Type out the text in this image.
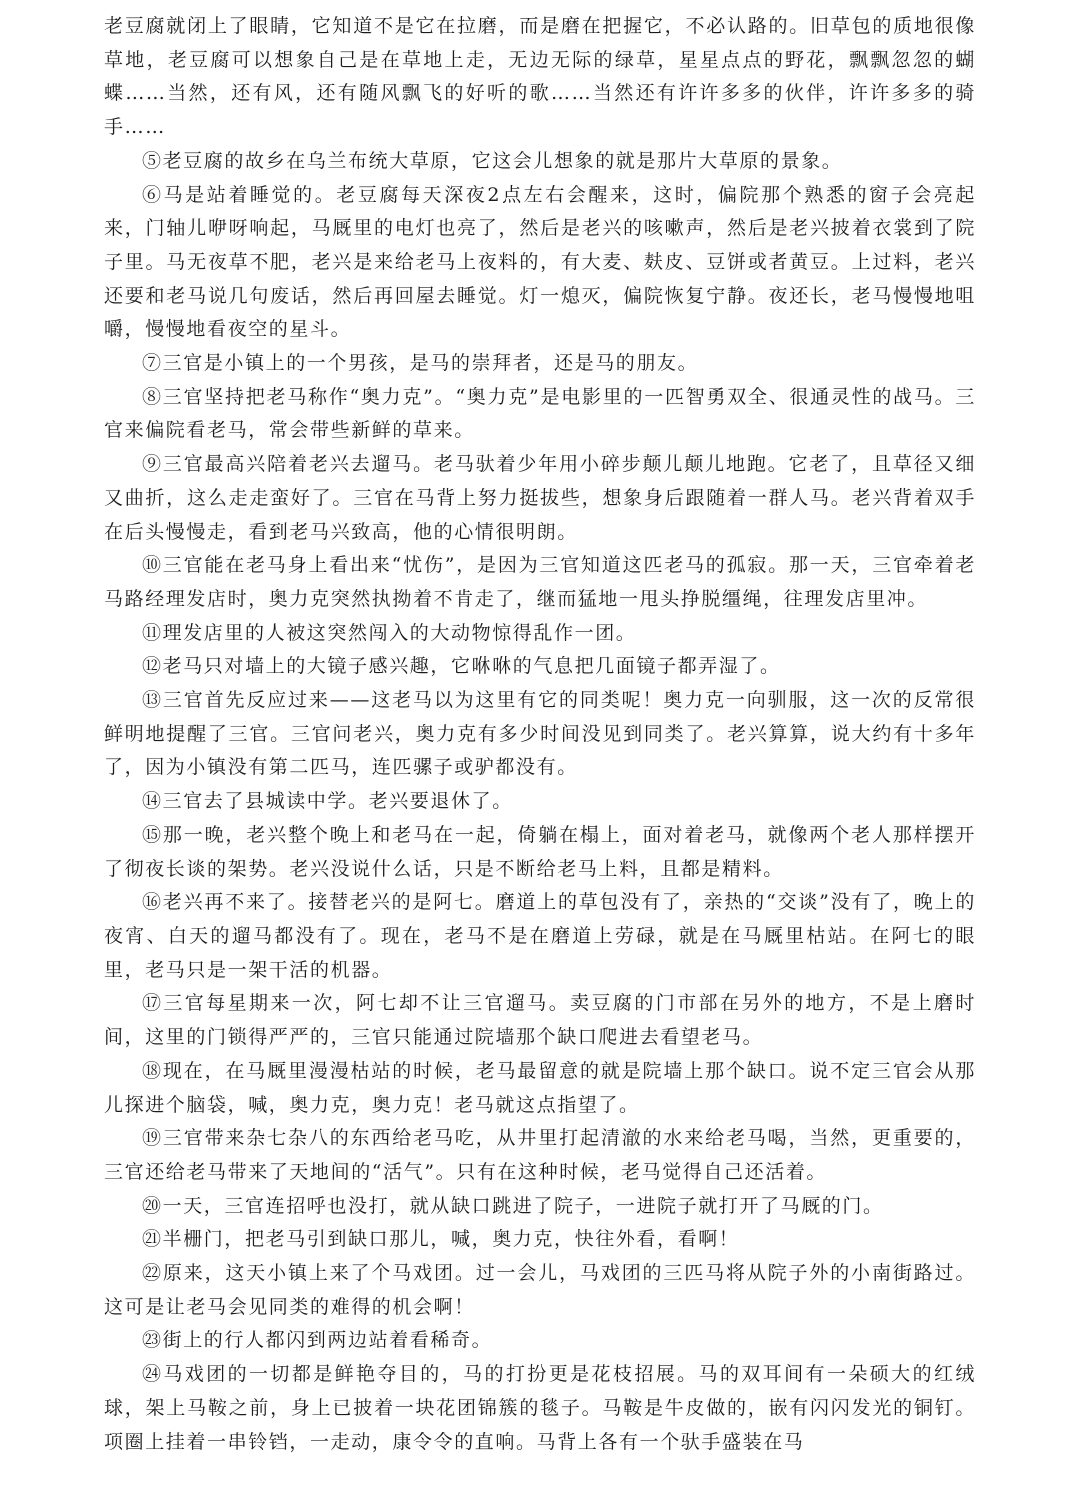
老豆腐就闭上了眼睛，它知道不是它在拉磨，而是磨在把握它，不必认路的。旧草包的质地很像草地，老豆腐可以想象自己是在草地上走，无边无际的绿草，星星点点的野花，飘飘忽忽的蝴蝶……当然，还有风，还有随风飘飞的好听的歌……当然还有许许多多的伙伴，许许多多的骑手……

⑤老豆腐的故乡在乌兰布统大草原，它这会儿想象的就是那片大草原的景象。

⑥马是站着睡觉的。老豆腐每天深夜2点左右会醒来，这时，偏院那个熟悉的窗子会亮起来，门轴儿咿呀响起，马厩里的电灯也亮了，然后是老兴的咳嗽声，然后是老兴披着衣裳到了院子里。马无夜草不肥，老兴是来给老马上夜料的，有大麦、麸皮、豆饼或者黄豆。上过料，老兴还要和老马说几句废话，然后再回屋去睡觉。灯一熄灭，偏院恢复宁静。夜还长，老马慢慢地咀嚼，慢慢地看夜空的星斗。

⑦三官是小镇上的一个男孩，是马的崇拜者，还是马的朋友。

⑧三官坚持把老马称作“奥力克”。“奥力克”是电影里的一匹智勇双全、很通灵性的战马。三官来偏院看老马，常会带些新鲜的草来。

⑨三官最高兴陪着老兴去遛马。老马驮着少年用小碎步颠儿颠儿地跑。它老了，且草径又细又曲折，这么走走蛮好了。三官在马背上努力挺拔些，想象身后跟随着一群人马。老兴背着双手在后头慢慢走，看到老马兴致高，他的心情很明朗。

⑩三官能在老马身上看出来“忧伤”，是因为三官知道这匹老马的孤寂。那一天，三官牵着老马路经理发店时，奥力克突然执拗着不肯走了，继而猛地一甩头挣脱缰绳，往理发店里冲。

⑪理发店里的人被这突然闯入的大动物惊得乱作一团。

⑫老马只对墙上的大镜子感兴趣，它咻咻的气息把几面镜子都弄湿了。

⑬三官首先反应过来——这老马以为这里有它的同类呢！奥力克一向驯服，这一次的反常很鲜明地提醒了三官。三官问老兴，奥力克有多少时间没见到同类了。老兴算算，说大约有十多年了，因为小镇没有第二匹马，连匹骡子或驴都没有。

⑭三官去了县城读中学。老兴要退休了。

⑮那一晚，老兴整个晚上和老马在一起，倚躺在榻上，面对着老马，就像两个老人那样摆开了彻夜长谈的架势。老兴没说什么话，只是不断给老马上料，且都是精料。

⑯老兴再不来了。接替老兴的是阿七。磨道上的草包没有了，亲热的“交谈”没有了，晚上的夜宵、白天的遛马都没有了。现在，老马不是在磨道上劳碌，就是在马厩里枯站。在阿七的眼里，老马只是一架干活的机器。

⑰三官每星期来一次，阿七却不让三官遛马。卖豆腐的门市部在另外的地方，不是上磨时间，这里的门锁得严严的，三官只能通过院墙那个缺口爬进去看望老马。

⑱现在，在马厩里漫漫枯站的时候，老马最留意的就是院墙上那个缺口。说不定三官会从那儿探进个脑袋，喊，奥力克，奥力克！老马就这点指望了。

⑲三官带来杂七杂八的东西给老马吃，从井里打起清澈的水来给老马喝，当然，更重要的，三官还给老马带来了天地间的“活气”。只有在这种时候，老马觉得自己还活着。

⑳一天，三官连招呼也没打，就从缺口跳进了院子，一进院子就打开了马厩的门。

㉑半栅门，把老马引到缺口那儿，喊，奥力克，快往外看，看啊！

㉒原来，这天小镇上来了个马戏团。过一会儿，马戏团的三匹马将从院子外的小南街路过。这可是让老马会见同类的难得的机会啊！

㉓街上的行人都闪到两边站着看稀奇。

㉔马戏团的一切都是鲜艳夺目的，马的打扮更是花枝招展。马的双耳间有一朵硕大的红绒球，架上马鞍之前，身上已披着一块花团锦簇的毯子。马鞍是牛皮做的，嵌有闪闪发光的铜钉。项圈上挂着一串铃铛，一走动，康令令的直响。马背上各有一个驮手盛装在马
